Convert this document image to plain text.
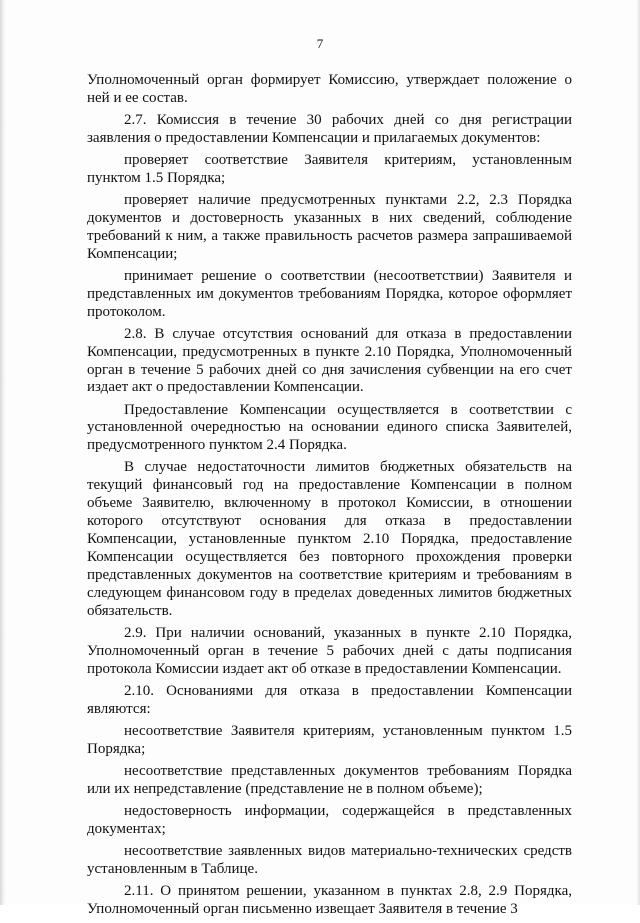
7

Уполномоченный орган формирует Комиссию, утверждает положение о ней и ее состав.

2.7. Комиссия в течение 30 рабочих дней со дня регистрации заявления о предоставлении Компенсации и прилагаемых документов:

проверяет соответствие Заявителя критериям, установленным пунктом 1.5 Порядка;

проверяет наличие предусмотренных пунктами 2.2, 2.3 Порядка документов и достоверность указанных в них сведений, соблюдение требований к ним, а также правильность расчетов размера запрашиваемой Компенсации;

принимает решение о соответствии (несоответствии) Заявителя и представленных им документов требованиям Порядка, которое оформляет протоколом.

2.8. В случае отсутствия оснований для отказа в предоставлении Компенсации, предусмотренных в пункте 2.10 Порядка, Уполномоченный орган в течение 5 рабочих дней со дня зачисления субвенции на его счет издает акт о предоставлении Компенсации.

Предоставление Компенсации осуществляется в соответствии с установленной очередностью на основании единого списка Заявителей, предусмотренного пунктом 2.4 Порядка.

В случае недостаточности лимитов бюджетных обязательств на текущий финансовый год на предоставление Компенсации в полном объеме Заявителю, включенному в протокол Комиссии, в отношении которого отсутствуют основания для отказа в предоставлении Компенсации, установленные пунктом 2.10 Порядка, предоставление Компенсации осуществляется без повторного прохождения проверки представленных документов на соответствие критериям и требованиям в следующем финансовом году в пределах доведенных лимитов бюджетных обязательств.

2.9. При наличии оснований, указанных в пункте 2.10 Порядка, Уполномоченный орган в течение 5 рабочих дней с даты подписания протокола Комиссии издает акт об отказе в предоставлении Компенсации.

2.10. Основаниями для отказа в предоставлении Компенсации являются:

несоответствие Заявителя критериям, установленным пунктом 1.5 Порядка;

несоответствие представленных документов требованиям Порядка или их непредставление (представление не в полном объеме);

недостоверность информации, содержащейся в представленных документах;

несоответствие заявленных видов материально-технических средств установленным в Таблице.

2.11. О принятом решении, указанном в пунктах 2.8, 2.9 Порядка, Уполномоченный орган письменно извещает Заявителя в течение 3
